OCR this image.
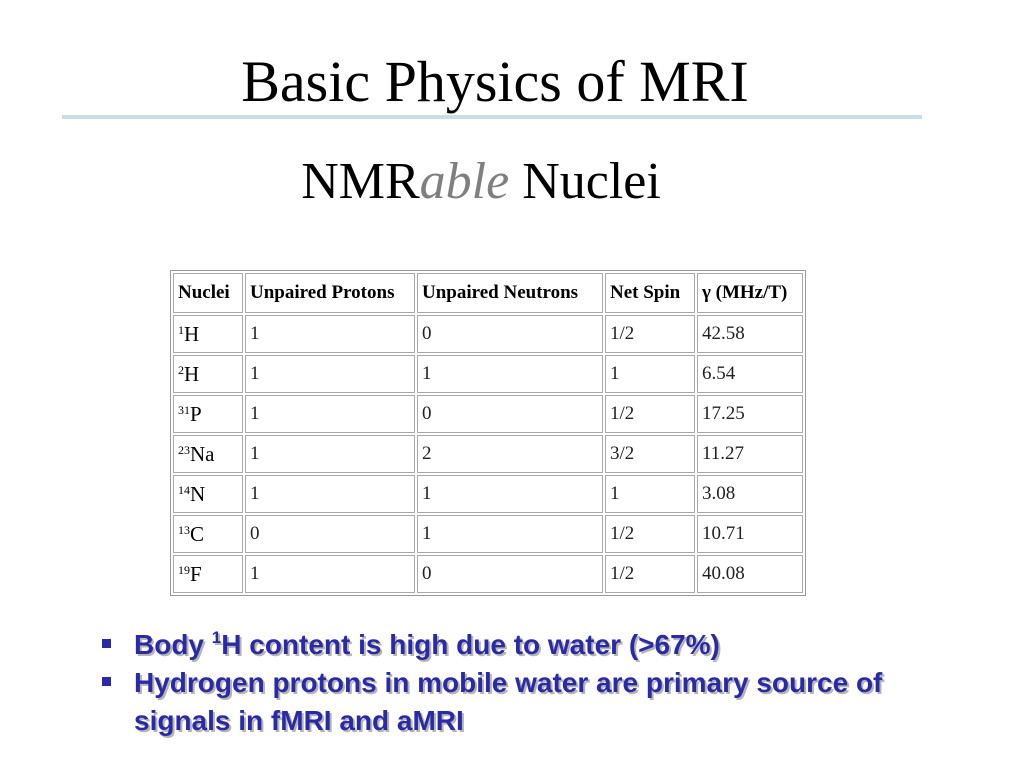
Basic Physics of MRI
NMRable Nuclei
Nuclei	Unpaired Protons	Unpaired Neutrons	Net Spin	γ (MHz/T)
$^1$H	1	0	1/2	42.58
$^2$H	1	1	1	6.54
$^{31}$P	1	0	1/2	17.25
$^{23}$Na	1	2	3/2	11.27
$^{14}$N	1	1	1	3.08
$^{13}$C	0	1	1/2	10.71
$^{19}$F	1	0	1/2	40.08
Body $^1$H content is high due to water (>67%)
Hydrogen protons in mobile water are primary source of signals in fMRI and aMRI
